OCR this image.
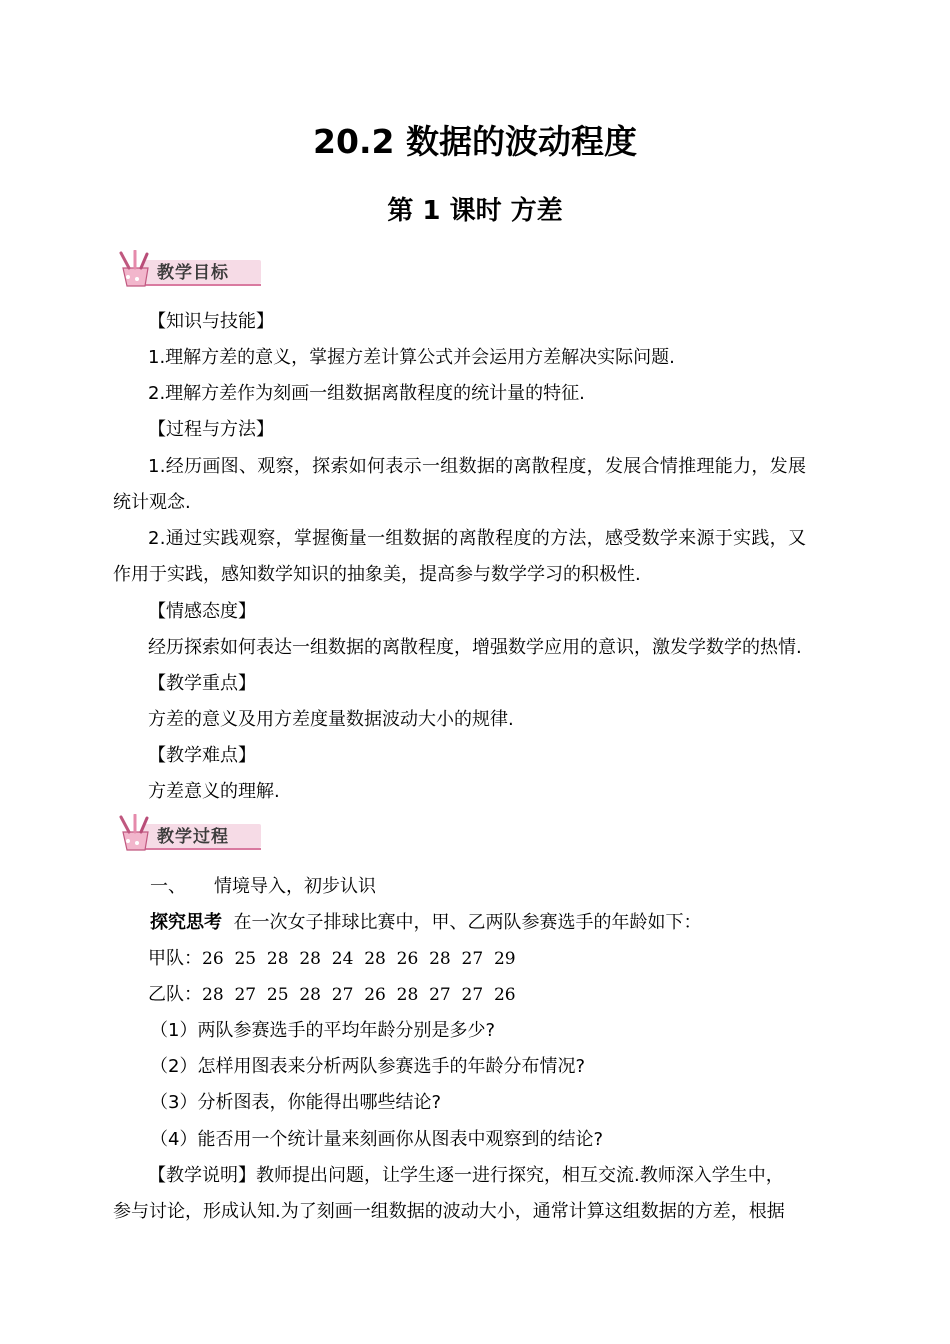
20.2 数据的波动程度
第 1 课时 方差
教学目标
【知识与技能】
1.理解方差的意义，掌握方差计算公式并会运用方差解决实际问题.
2.理解方差作为刻画一组数据离散程度的统计量的特征.
【过程与方法】
1.经历画图、观察，探索如何表示一组数据的离散程度，发展合情推理能力，发展
统计观念.
2.通过实践观察，掌握衡量一组数据的离散程度的方法，感受数学来源于实践，又
作用于实践，感知数学知识的抽象美，提高参与数学学习的积极性.
【情感态度】
经历探索如何表达一组数据的离散程度，增强数学应用的意识，激发学数学的热情.
【教学重点】
方差的意义及用方差度量数据波动大小的规律.
【教学难点】
方差意义的理解.
教学过程
一、 情境导入，初步认识
探究思考 在一次女子排球比赛中，甲、乙两队参赛选手的年龄如下：
甲队：26  25  28  28  24  28  26  28  27  29
乙队：28  27  25  28  27  26  28  27  27  26
（1）两队参赛选手的平均年龄分别是多少?
（2）怎样用图表来分析两队参赛选手的年龄分布情况?
（3）分析图表，你能得出哪些结论?
（4）能否用一个统计量来刻画你从图表中观察到的结论?
【教学说明】教师提出问题，让学生逐一进行探究，相互交流.教师深入学生中，
参与讨论，形成认知.为了刻画一组数据的波动大小，通常计算这组数据的方差，根据
